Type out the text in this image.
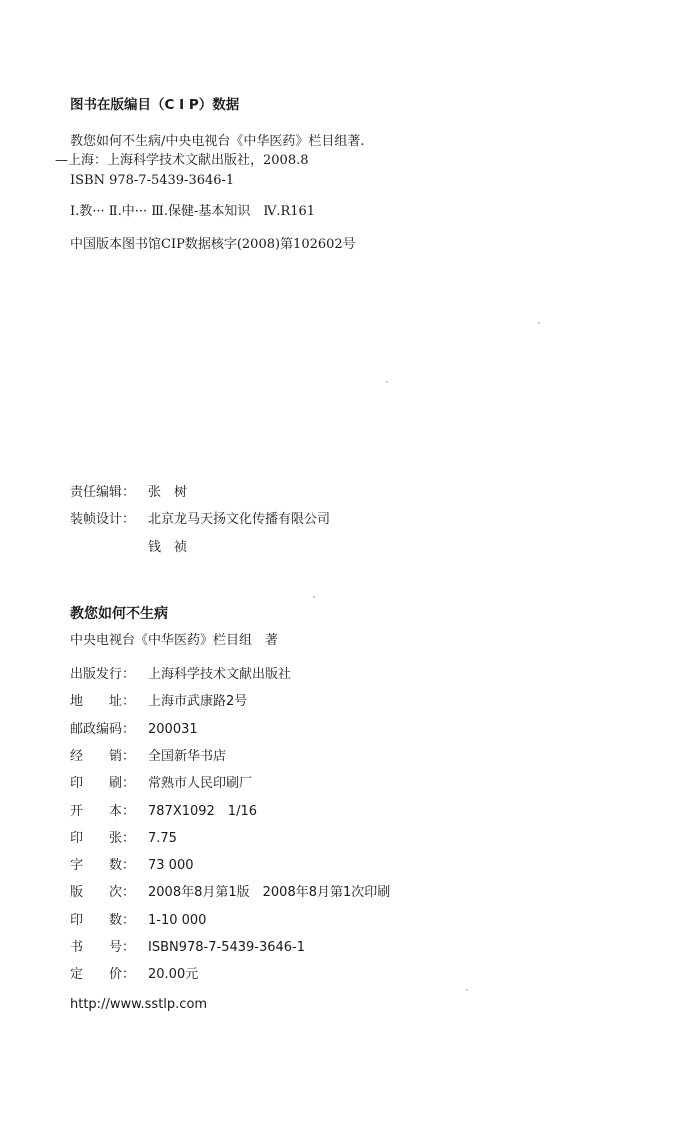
图书在版编目（C I P）数据
教您如何不生病/中央电视台《中华医药》栏目组著.
—上海：上海科学技术文献出版社，2008.8
ISBN 978-7-5439-3646-1
Ⅰ.教··· Ⅱ.中··· Ⅲ.保健-基本知识　Ⅳ.R161
中国版本图书馆CIP数据核字(2008)第102602号
责任编辑： 张　树
装帧设计： 北京龙马天扬文化传播有限公司
钱　祯
教您如何不生病
中央电视台《中华医药》栏目组　著
出版发行： 上海科学技术文献出版社
地　　址： 上海市武康路2号
邮政编码： 200031
经　　销： 全国新华书店
印　　刷： 常熟市人民印刷厂
开　　本： 787X1092　1/16
印　　张： 7.75
字　　数： 73 000
版　　次： 2008年8月第1版　2008年8月第1次印刷
印　　数： 1-10 000
书　　号： ISBN978-7-5439-3646-1
定　　价： 20.00元
http://www.sstlp.com
